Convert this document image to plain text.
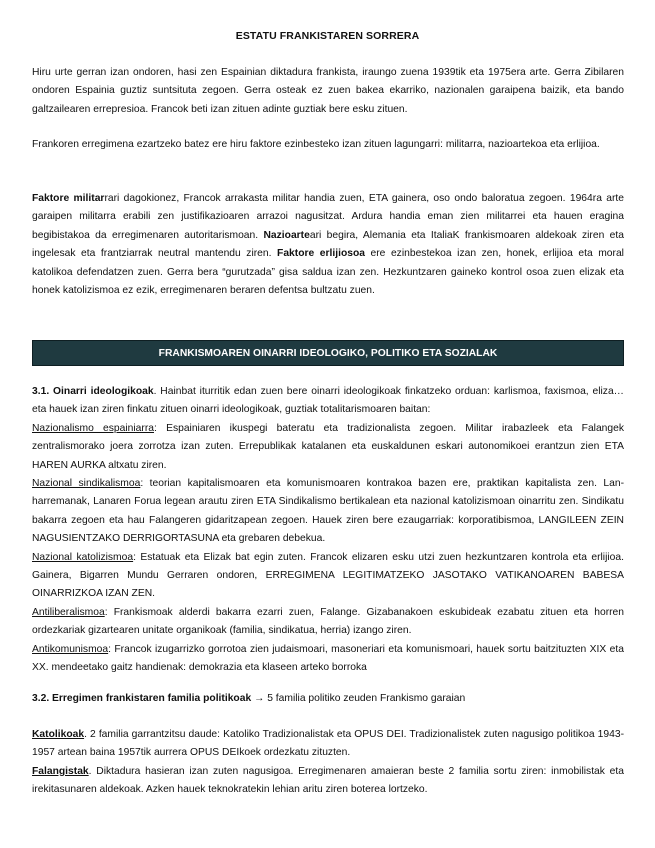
ESTATU FRANKISTAREN SORRERA

Hiru urte gerran izan ondoren, hasi zen Espainian diktadura frankista, iraungo zuena 1939tik eta 1975era arte. Gerra Zibilaren ondoren Espainia guztiz suntsituta zegoen. Gerra osteak ez zuen bakea ekarriko, nazionalen garaipena baizik, eta bando galtzailearen errepresioa. Francok beti izan zituen adinte guztiak bere esku zituen.

Frankoren erregimena ezartzeko batez ere hiru faktore ezinbesteko izan zituen lagungarri: militarra, nazioartekoa eta erlijioa.

Faktore militarrari dagokionez, Francok arrakasta militar handia zuen, ETA gainera, oso ondo baloratua zegoen. 1964ra arte garaipen militarra erabili zen justifikazioaren arrazoi nagusitzat. Ardura handia eman zien militarrei eta hauen eragina begibistakoa da erregimenaren autoritarismoan. Nazioarteari begira, Alemania eta ItaliaK frankismoaren aldekoak ziren eta ingelesak eta frantziarrak neutral mantendu ziren. Faktore erlijiosoa ere ezinbestekoa izan zen, honek, erlijioa eta moral katolikoa defendatzen zuen. Gerra bera “gurutzada” gisa saldua izan zen. Hezkuntzaren gaineko kontrol osoa zuen elizak eta honek katolizismoa ez ezik, erregimenaren beraren defentsa bultzatu zuen.

FRANKISMOAREN OINARRI IDEOLOGIKO, POLITIKO ETA SOZIALAK

3.1. Oinarri ideologikoak. Hainbat iturritik edan zuen bere oinarri ideologikoak finkatzeko orduan: karlismoa, faxismoa, eliza… eta hauek izan ziren finkatu zituen oinarri ideologikoak, guztiak totalitarismoaren baitan:
Nazionalismo espainiarra: Espainiaren ikuspegi bateratu eta tradizionalista zegoen. Militar irabazleek eta Falangek zentralismorako joera zorrotza izan zuten. Errepublikak katalanen eta euskaldunen eskari autonomikoei erantzun zien ETA HAREN AURKA altxatu ziren.
Nazional sindikalismoa: teorian kapitalismoaren eta komunismoaren kontrakoa bazen ere, praktikan kapitalista zen. Lan-harremanak, Lanaren Forua legean arautu ziren ETA Sindikalismo bertikalean eta nazional katolizismoan oinarritu zen. Sindikatu bakarra zegoen eta hau Falangeren gidaritzapean zegoen. Hauek ziren bere ezaugarriak: korporatibismoa, LANGILEEN ZEIN NAGUSIENTZAKO DERRIGORTASUNA eta grebaren debekua.
Nazional katolizismoa: Estatuak eta Elizak bat egin zuten. Francok elizaren esku utzi zuen hezkuntzaren kontrola eta erlijioa. Gainera, Bigarren Mundu Gerraren ondoren, ERREGIMENA LEGITIMATZEKO JASOTAKO VATIKANOAREN BABESA OINARRIZKOA IZAN ZEN.
Antiliberalismoa: Frankismoak alderdi bakarra ezarri zuen, Falange. Gizabanakoen eskubideak ezabatu zituen eta horren ordezkariak gizartearen unitate organikoak (familia, sindikatua, herria) izango ziren.
Antikomunismoa: Francok izugarrizko gorrotoa zien judaismoari, masoneriari eta komunismoari, hauek sortu baitzituzten XIX eta XX. mendeetako gaitz handienak: demokrazia eta klaseen arteko borroka

3.2. Erregimen frankistaren familia politikoak → 5 familia politiko zeuden Frankismo garaian

Katolikoak. 2 familia garrantzitsu daude: Katoliko Tradizionalistak eta OPUS DEI. Tradizionalistek zuten nagusigo politikoa 1943-1957 artean baina 1957tik aurrera OPUS DEIkoek ordezkatu zituzten.
Falangistak. Diktadura hasieran izan zuten nagusigoa. Erregimenaren amaieran beste 2 familia sortu ziren: inmobilistak eta irekitasunaren aldekoak. Azken hauek teknokratekin lehian aritu ziren boterea lortzeko.
